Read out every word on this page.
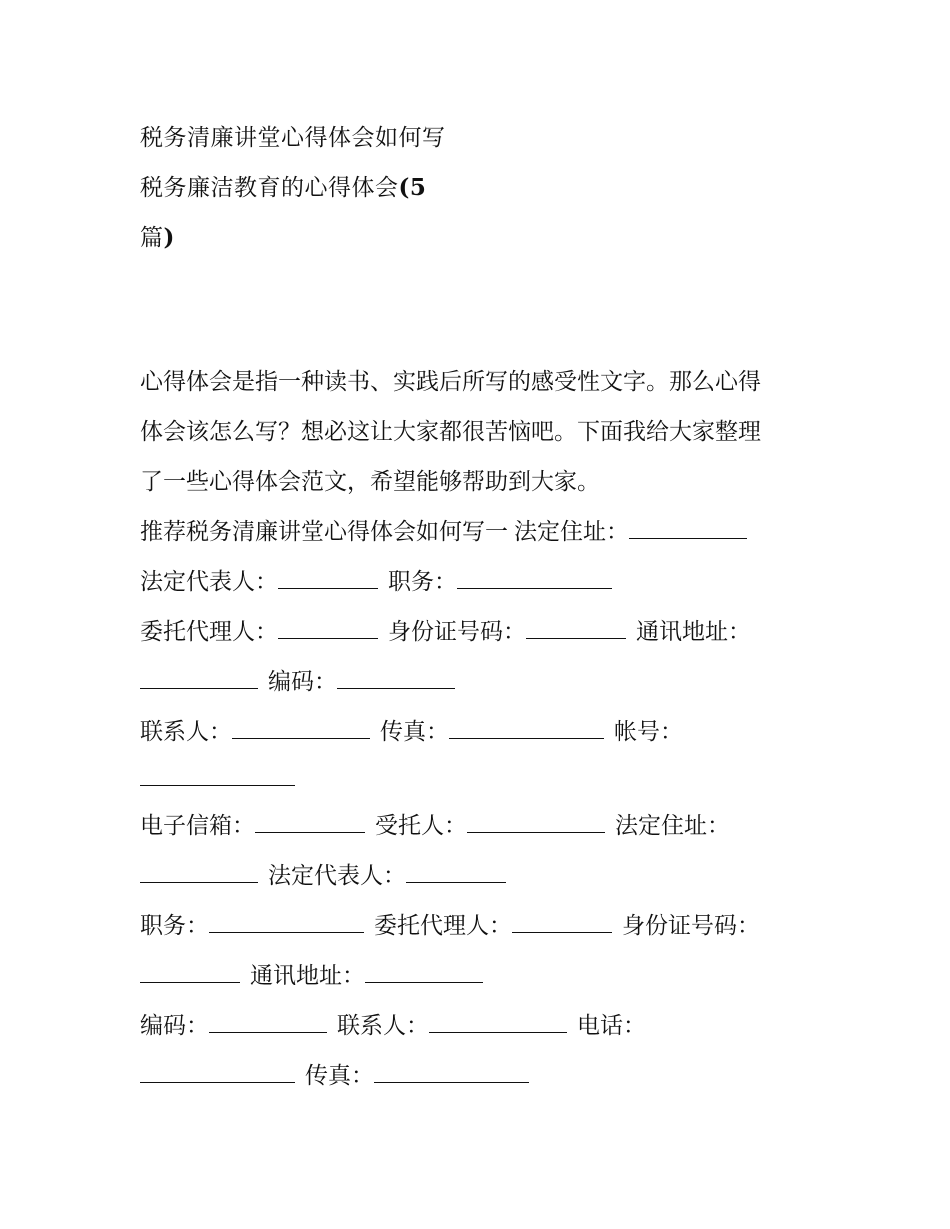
税务清廉讲堂心得体会如何写
税务廉洁教育的心得体会(5
篇)
心得体会是指一种读书、实践后所写的感受性文字。那么心得
体会该怎么写？想必这让大家都很苦恼吧。下面我给大家整理
了一些心得体会范文，希望能够帮助到大家。
推荐税务清廉讲堂心得体会如何写一 法定住址：
法定代表人：	职务：
委托代理人：	身份证号码：	通讯地址：
编码：
联系人：	传真：	帐号：
电子信箱：	受托人：	法定住址：
法定代表人：
职务：	委托代理人：	身份证号码：
通讯地址：
编码：	联系人：	电话：
传真：
